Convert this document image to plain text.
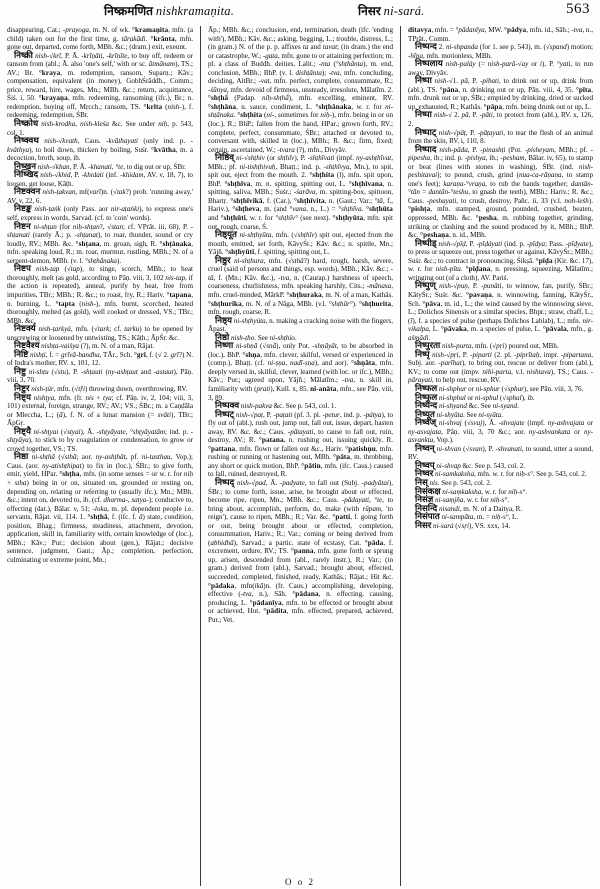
निष्क्रमणित nishkramaṇita.	निसर ni-sará.	563

disappearing, Cat.; -prayoga, m. N. of wk. °kramaṇita, mfn. (a child) taken out for the first time, g. tārakādi. °krānta, mfn. gone out, departed, come forth, MBh. &c.; (dram.) exit, exeunt.

निष्क्री nish-√krī, P. Ā. -krīṇāti, -krīṇīte, to buy off, redeem or ransom from (abl.; Ā. also 'one's self,' with or sc. ātmānam), TS.; AV.; Br. °kraya, m. redemption, ransom, Suparṇ.; Kāv.; compensation, equivalent (in money), GobhŚrāddh., Comm.; price, reward, hire, wages, Mn.; MBh. &c.; return, acquittance, Śiś. i, 50. °krayaṇa, mfn. redeeming, ransoming (ifc.), Br.; n. redemption, buying off, Mṛcch.; ransom, TS. °krīta (nish-), f. redeeming, redemption, ŚBr.

निष्क्रोध nish-krodha, nish-kleśa &c. See under niḥ, p. 543, col. 1.

निष्क्वथ nish-√kvath, Caus. -kvāthayati (only ind. p. -kvāthya), to boil down, thicken by boiling, Suśr. °kvātha, m. a decoction, broth, soup, ib.

निष्खन nish-√khan, P. Ā. -khanati, °te, to dig out or up, ŚBr.

निष्खिद nish-√khid, P. -khidati (inf. -khídam, AV. v, 18, 7), to loosen, get loose, Kāṭh.

निष्टक्वन nish-ṭakvan, mf(varī)n. (√tak?) prob. 'running away,' AV. v, 22, 6.

निष्टङ्क nish-ṭaṅk (only Pass. aor nir-aṭaṅki), to express one's self, express in words, Sarvad. (cf. to 'coin' words).

निष्टन ni-shṭan (for niḥ-shṭan?, √stan; cf. VPrāt. iii, 68), P. -shṭanati (rarely Ā.; p. -shṭanat), to roar, thunder, sound or cry loudly, RV.; MBh. &c. °shṭana, m. groan, sigh, R. °shṭānaka, mfn. speaking loud, R.; m. roar, murmur, rustling, MBh.; N. of a serpent-demon, MBh. (v. l. °shṭhānaka).

निष्टप nish-ṭap (√tap), to singe, scorch, MBh.; to heat thoroughly, melt (as gold, according to Pāṇ. viii, 3, 102 nis-tap, if the action is repeated), anneal, purify by heat, free from impurities, TBr.; MBh.; R. &c.; to roast, fry, R.; Hariv. °tapana, n. burning, L. °tapta (nish-), mfn. burnt, scorched, heated thoroughly, melted (as gold), well cooked or dressed, VS.; TBr.; MBh. &c.

निष्टर्क्य nish-ṭarkyà, mfn. (√tark; cf. tarku) to be opened by unscrewing or loosened by untwisting, TS.; Kāṭh.; ĀpŚr. &c.

निष्टवैश्य nishṭa-vaiśya (?), m. N. of a man, Rājat.

निष्टि nishṭi, f. = grīvā-bandha, TĀr., Sch. °grī, f. (√ 2. grī?) N. of Indra's mother, RV. x, 101, 12.

निष्टु ni-shṭu (√stu), P. -shṭauti (ny-ashṭaut and -astaut), Pāṇ. viii, 3, 70.

निष्टुर nish-ṭúr, mfn. (√tṝi) throwing down, overthrowing, RV.

निष्ट्य níshṭya, mfn. (fr. nis + tya; cf. Pāṇ. iv, 2, 104; viii, 3, 101) external, foreign, strange, RV.; AV.; VS.; ŚBr.; m. a Caṇḍāla or Mleccha, L.; (ā), f. N. of a lunar mansion (= svāti), TBr.; ĀpGṛ.

निष्ट्यै ni-shṭyai (√styai), Ā. -shṭyāyate, °shṭyāyatām; ind. p. -shṭyāya), to stick to by coagulation or condensation, to grow or crowd together, VS.; TS.

निष्ठा ni-shṭhā (√sthā; aor. ny-ashṭhāt, pf. ni-tasthau, Vop.); Caus. (aor. ny-atishṭhipat) to fix in (loc.), ŚBr.; to give forth, emit, yield, HPar. °shṭha, mfn. (in some senses = or w. r. for niḥ + stha) being in or on, situated on, grounded or resting on, depending on, relating or referring to (usually ifc.), Mn.; MBh. &c.; intent on, devoted to, ib. (cf. dharma-, satya-); conducive to, effecting (dat.), Bālar. v, 51; -loka, m. pl. dependent people i.e. servants, Rājat. vii, 114. 1. °shṭhā, f. (ifc. f. ā) state, condition, position, Bhag.; firmness, steadiness, attachment, devotion, application, skill in, familiarity with, certain knowledge of (loc.), MBh.; Kāv.; Pur.; decision about (gen.), Rājat.; decisive sentence, judgment, Gaut.; Āp.; completion, perfection, culminating or extreme point, Mn.;

Āp.; MBh. &c.; conclusion, end, termination, death (ifc. 'ending with'), MBh.; Kāv. &c.; asking, begging, L.; trouble, distress, L.; (in gram.) N. of the p. p. affixes ta and tavat; (in dram.) the end or catastrophe, W.; -gata, mfn. gone to or attaining perfection; m. pl. a class of Buddh. deities, Lalit.; -nta (°shṭhānta), m. end, conclusion, MBh.; BhP. (v. l. dishṭānta); -tva, mfn. concluding, deciding, AitBr.; -vat, mfn. perfect, complete, consummate, R.; -śūnya, mfn. devoid of firmness, unsteady, irresolute, Mālatīm. 2. °shṭhā́ (Padap. níḥ-shṭhā́), mfn. excelling, eminent, RV. °shṭhāna, n. sauce, condiment, L. °shṭhānaka, w. r. for ni-shṭānaka. °shṭhita (ní-, sometimes for niḥ-), mfn. being in or on (loc.), R.; BhP.; fallen from the hand, HPar.; grown forth, RV.; complete, perfect, consummate, ŚBr.; attached or devoted to, conversant with, skilled in (loc.), MBh.; R. &c.; firm, fixed; certain, ascertained, W.; -tvara (?), mfn., Divyāv.

निष्ठिव् ni-√shṭhiv (or shṭhīv), P. -shṭhīvati (impf. ny-ashṭhīvat, MBh.; pf. ni-tishṭhivuḥ, Bhaṭṭ.; ind. p. -shṭhīvya, Mn.), to spit, spit out, eject from the mouth. 2. °shṭhita (l), mfn. spit upon, BhP. °shṭhīva, m. n. spitting, spitting out, L. °shṭhīvana, n. spitting, saliva, MBh.; Suśr.; -śarāva, m. spitting-box, spittoon, Bhartṛ. °shṭhīvikā, f. (Car.), °shṭhīvita, n. (Gaut.; Var.; °tā, f., Hariv.), °shṭheva, m. (and °vana, n., L.) = °shṭhīva. °shṭhūta and °shṭhūti, w. r. for °shṭhīv° (see next). °shṭhyūta, mfn. spit out, rough, coarse, Ś.

निष्ठ्यूत ni-shṭhyūta, mfn. (√shṭhīv) spit out, ejected from the mouth, emitted, set forth, KāvyŚr.; Kāv. &c.; n. spittle, Mn.; Yājñ. °shṭhyūti, f. spitting, spitting out, L.

निष्ठुर ni-shṭhura, mfn. (√sthā?) hard, rough, harsh, severe, cruel (said of persons and things, esp. words), MBh.; Kāv. &c.; -tā, f. (Mn.; Kāv. &c.), -tva, n. (Caurap.) harshness of speech, coarseness, churlishness, mfn. speaking harshly, Cits.; -mānasa, mfn. cruel-minded, MārkP. °shṭhuraka, m. N. of a man, Kathās. °shṭhurika, m. N. of a Nāga, MBh. (v.l. °shṭhūr°). °shṭhurita, mfn. rough, coarse, R.

निष्ठ्य ni-shṭhyúta, n. making a cracking noise with the fingers, Āpast.

निष्ठो nish-ṭho. See ni-shṭhio.

निष्णा ni-shṇā (√snā), only Pot. -shṇāyāt, to be absorbed in (loc.), BhP. °shṇa, mfn. clever, skilful, versed or experienced in (comp.), Bhaṭṭ. (cf. ni-ṣṇa, nadī-ṣṇa), and aor). °shṇāta, mfn. deeply versed in, skilful, clever, learned (with loc. or ifc.), MBh.; Kāv.; Pur.; agreed upon, Yājñ.; Mālatīm.; -tva, n. skill in, familiarity with (prati), Kull. x, 85. ni-anāta, mfn., see Pāṇ. viii, 3, 89.

निष्पक्व nish-pakva &c. See p. 543, col. 1.

निष्पट् nish-√paṭ, P. -paṭati (pf. 3. pl. -petur, ind. p. -pátya), to fly out of (abl.), rush out, jump out, fall out, issue, depart, hasten away, RV. &c. &c.; Caus. -pātayati, to cause to fall out, ruin, destroy, AV.; R. °patana, n. rushing out, issuing quickly, R. °pattana, mfn. flown or fallen out &c., Hariv. °patishṇu, mfn. rushing or running or hastening out, MBh. °pāta, m. throbbing, any short or quick motion, BhP. °pātin, mfn. (ifc. Caus.) caused to fall, ruined, destroyed, R.

निष्पद् nish-√pad, Ā. -padyate, to fall out (Subj. -padyātai), ŚBr.; to come forth, issue, arise, be brought about or effected, become ripe, ripen, Mn.; MBh. &c.; Caus. -pādayati, °te, to bring about, accomplish, perform, do, make (with rūpam, 'to reign'), cause to ripen, MBh.; R.; Var. &c. °patti, f. going forth or out, being brought about or effected, completion, consummation, Hariv.; R.; Var.; coming or being derived from (abhidhā), Sarvad.; a partic. state of ecstasy, Cat. °pāda, f. excrement, ordure, RV.; TS. °panna, mfn. gone forth or sprung up, arisen, descended from (abl., rarely instr.), R.; Var.; (in gram.) derived from (abl.), Sarvad.; brought about, effected, succeeded, completed, finished, ready, Kathās.; Rājat.; Hit &c. °pādaka, mfn(ikā)n. (fr. Caus.) accomplishing, developing, effective (-tva, n.), Sāh. °pādana, n. effecting, causing, producing, L. °pādanīya, mfn. to be effected or brought about or achieved, Hut. °pādita, mfn. effected, prepared, achieved, Pur.; Vet.

ditavya, mfn. = °pādanīya, MW. °pādya, mfn. id., Sāh.; -tva, n., TPrāt., Comm.

निष्पन्द 2. ni-shpanda (for 1. see p. 543), m. (√spand) motion; -hīna, mfn. motionless, MBh.

निष्पलाय nish-paláy (= nish-parā-√ay or i), P. °yati, to run away, Divyāv.

निष्पा nish-√1. pā, P. -píbati, to drink out or up, drink from (abl.), TS. °pāna, n. drinking out or up, Pāṇ. viii, 4, 35. °pīta, mfn. drunk out or up, ŚBr.; emptied by drinking, dried or sucked up, exhausted, R.; Kathās. °pāpa, mfn. being drunk out or up, L.

निष्पा nish-√ 2. pā, P. -pāti, to protect from (abl.), RV. x, 126, 2.

निष्पाट् nish-√pāṭ, P. -pāṭayati, to tear the flesh of an animal from the skin, RV. i, 110, 8.

निष्पाद nish-pāda, P. -pinashṭi (Pot. -pisheyam, MBh.; pf. -pipesha, ib.; ind. p. -pishya, ib.; -pesham, Bālar. iv, 65), to stamp or beat (lines with stones in washing), ŚBr. (ind. nish-peshitavai); to pound, crush, grind (nua-ca-rāṇaṇa, to stamp one's feet); karaṇa-°vraṇa, to rub the hands together; dantān-°tān = dantān-°teshu, to gnash the teeth), MBh.; Hariv.; R. &c.; Caus. -peshayati, to crush, destroy, Pañc. ii, 33 (v.l. noh-leśh). °pishṭa, mfn. stamped, ground, pounded, crushed, beaten, oppressed, MBh. &c. °pesha, m. rubbing together, grinding, striking or clashing and the sound produced by it, MBh.; BhP. &c. °peshaṇa, n. id., MBh.

निष्पीड् nish-√pīḍ, P. -pīḍáyati (ind. p. -pīḍya; Pass. -pīḍyate), to press or squeeze out, press together or against, KāvyŚr.; MBh.; Suśr. &c.; to contract in pronouncing, Śikṣā. °pīḍa (Kir. &c. 17), w. r. for nish-pīta. °pīḍana, n. pressing, squeezing, Mālatīm.; wringing out (of a cloth), AV. Pariś.

निष्पुण् nish-√puṇ, P. -punāti, to winnow, fan, purify, ŚBr.; KātyŚr.; Suśr. &c. °pavaṇa, n. winnowing, fanning, KātyŚr., Sch. °pāva, m. id., L.; the wind caused by the winnowing sieve, L.; Dolichos Sinensis or a similar species, Bhpr.; straw, chaff, L.; (ī), f. a species of pulse (perhaps Dolichos Lablab), L.; mfn. nir-vikalpa, L. °pāvaka, m. a species of pulse, L. °pāvala, mfn., g. aśmādi.

निष्पुरता nish-purta, mfn. (√pṛi) poured out, MBh.

निष्पृ nish-√pṛi, P. -piparti (2. pl. -piprītaḥ, impr. -pipartana, Subj. aor. -parīhat), to bring out, rescue or deliver from (abl.), KV.; to come out (impv. nihi-parta, v.l. nishtava), TS.; Caus. -pārayati, to help out, rescue, RV.

निष्फल ni-shphur or ni-sphur (√sphur), see Pāṇ. viii, 3, 76.

निष्फुल ni-shphul or ni-sphul (√sphul), ib.

निष्यन्द ni-shyand &c. See ni-syand.

निष्यूत ni-shyūta. See ni-syūta.

निष्वज् ni-shvaj (√svaj), Ā. -shvajate (impf. ny-ashvajata or ny-asvajata, Pāṇ. viii, 3, 70 &c.; aor. ny-ashvankata or ny-asvankta, Vop.).

निष्वन् ni-shvan (√svan), P. -shvanati, to sound, utter a sound, RV.

निष्वप् ni-shvap &c. See p. 543, col. 2.

निष्वर ni-samkaksha, mfn. w. r. for niḥ-s°. See p. 543, col. 2.

निस् nis. See p. 543, col. 2.

निसंकक्ष ni-saṃkaksha, w. r. for niḥ-s°.

निसंज्ञ ni-saṃjña, w. r. for niḥ-s°.

निसन्दि nisandi, m. N. of a Daitya, R.

निसंपात ni-sampāta, m. = niḥ-s°, L.

निसर ni-sará (√sṛi), VS. xxx, 14.

O o 2
